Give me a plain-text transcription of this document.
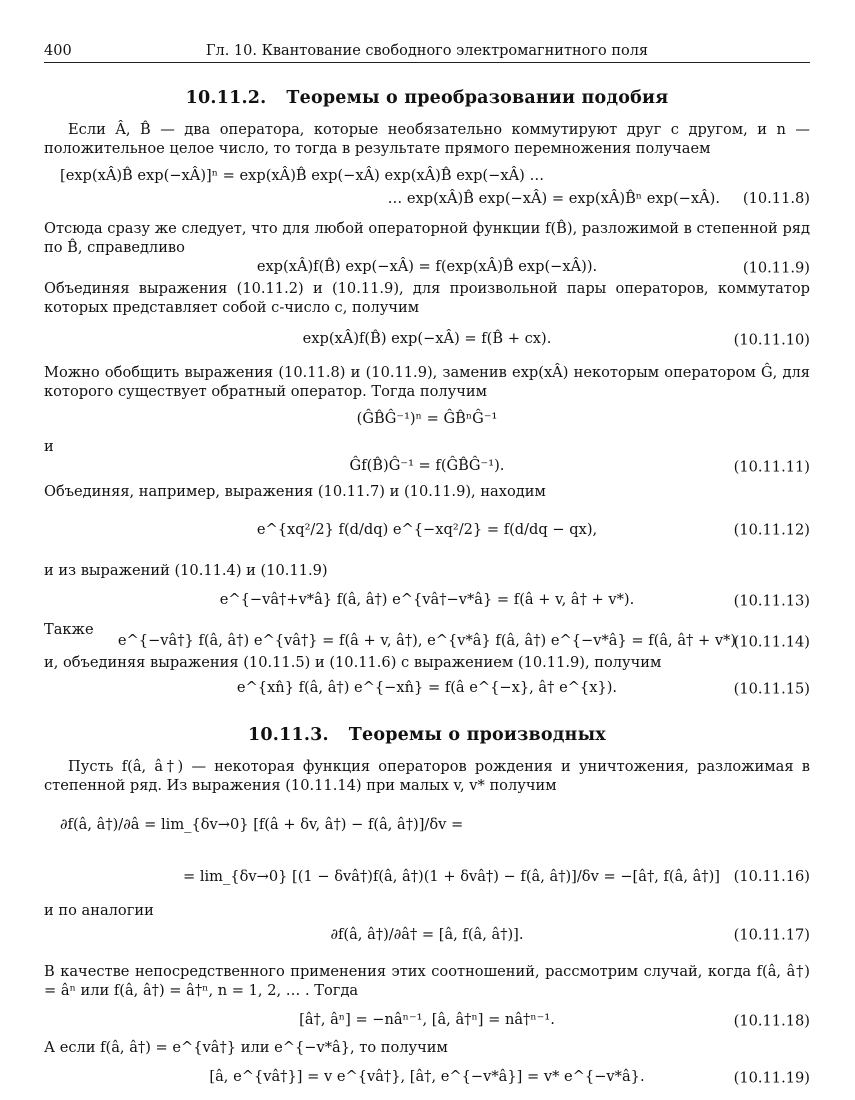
400	Гл. 10. Квантование свободного электромагнитного поля
10.11.2. Теоремы о преобразовании подобия

Если Â, B̂ — два оператора, которые необязательно коммутируют друг с другом, и n — положительное целое число, то тогда в результате прямого перемножения получаем

[exp(xÂ)B̂ exp(−xÂ)]ⁿ = exp(xÂ)B̂ exp(−xÂ) exp(xÂ)B̂ exp(−xÂ) …
… exp(xÂ)B̂ exp(−xÂ) = exp(xÂ)B̂ⁿ exp(−xÂ). (10.11.8)

Отсюда сразу же следует, что для любой операторной функции f(B̂), разложимой в степенной ряд по B̂, справедливо

exp(xÂ)f(B̂) exp(−xÂ) = f(exp(xÂ)B̂ exp(−xÂ)).	(10.11.9)

Объединяя выражения (10.11.2) и (10.11.9), для произвольной пары операторов, коммутатор которых представляет собой c-число c, получим

exp(xÂ)f(B̂) exp(−xÂ) = f(B̂ + cx).	(10.11.10)

Можно обобщить выражения (10.11.8) и (10.11.9), заменив exp(xÂ) некоторым оператором Ĝ, для которого существует обратный оператор. Тогда получим

(ĜB̂Ĝ⁻¹)ⁿ = ĜB̂ⁿĜ⁻¹

и

Ĝf(B̂)Ĝ⁻¹ = f(ĜB̂Ĝ⁻¹).	(10.11.11)

Объединяя, например, выражения (10.11.7) и (10.11.9), находим

e^{xq²/2} f(d/dq) e^{−xq²/2} = f(d/dq − qx),	(10.11.12)

и из выражений (10.11.4) и (10.11.9)

e^{−vâ†+v*â} f(â, â†) e^{vâ†−v*â} = f(â + v, â† + v*).	(10.11.13)

Также

e^{−vâ†} f(â, â†) e^{vâ†} = f(â + v, â†), e^{v*â} f(â, â†) e^{−v*â} = f(â, â† + v*)
(10.11.14)

и, объединяя выражения (10.11.5) и (10.11.6) с выражением (10.11.9), получим

e^{xn̂} f(â, â†) e^{−xn̂} = f(â e^{−x}, â† e^{x}).	(10.11.15)
10.11.3. Теоремы о производных

Пусть f(â, â†) — некоторая функция операторов рождения и уничтожения, разложимая в степенной ряд. Из выражения (10.11.14) при малых v, v* получим

∂f(â, â†)/∂â = lim_{δv→0} [f(â + δv, â†) − f(â, â†)]/δv =
= lim_{δv→0} [(1 − δvâ†)f(â, â†)(1 + δvâ†) − f(â, â†)]/δv = −[â†, f(â, â†)] (10.11.16)

и по аналогии

∂f(â, â†)/∂â† = [â, f(â, â†)].	(10.11.17)

В качестве непосредственного применения этих соотношений, рассмотрим случай, когда f(â, â†) = âⁿ или f(â, â†) = â†ⁿ, n = 1, 2, … . Тогда

[â†, âⁿ] = −nâⁿ⁻¹, [â, â†ⁿ] = nâ†ⁿ⁻¹.	(10.11.18)

А если f(â, â†) = e^{vâ†} или e^{−v*â}, то получим

[â, e^{vâ†}] = v e^{vâ†}, [â†, e^{−v*â}] = v* e^{−v*â}.	(10.11.19)
